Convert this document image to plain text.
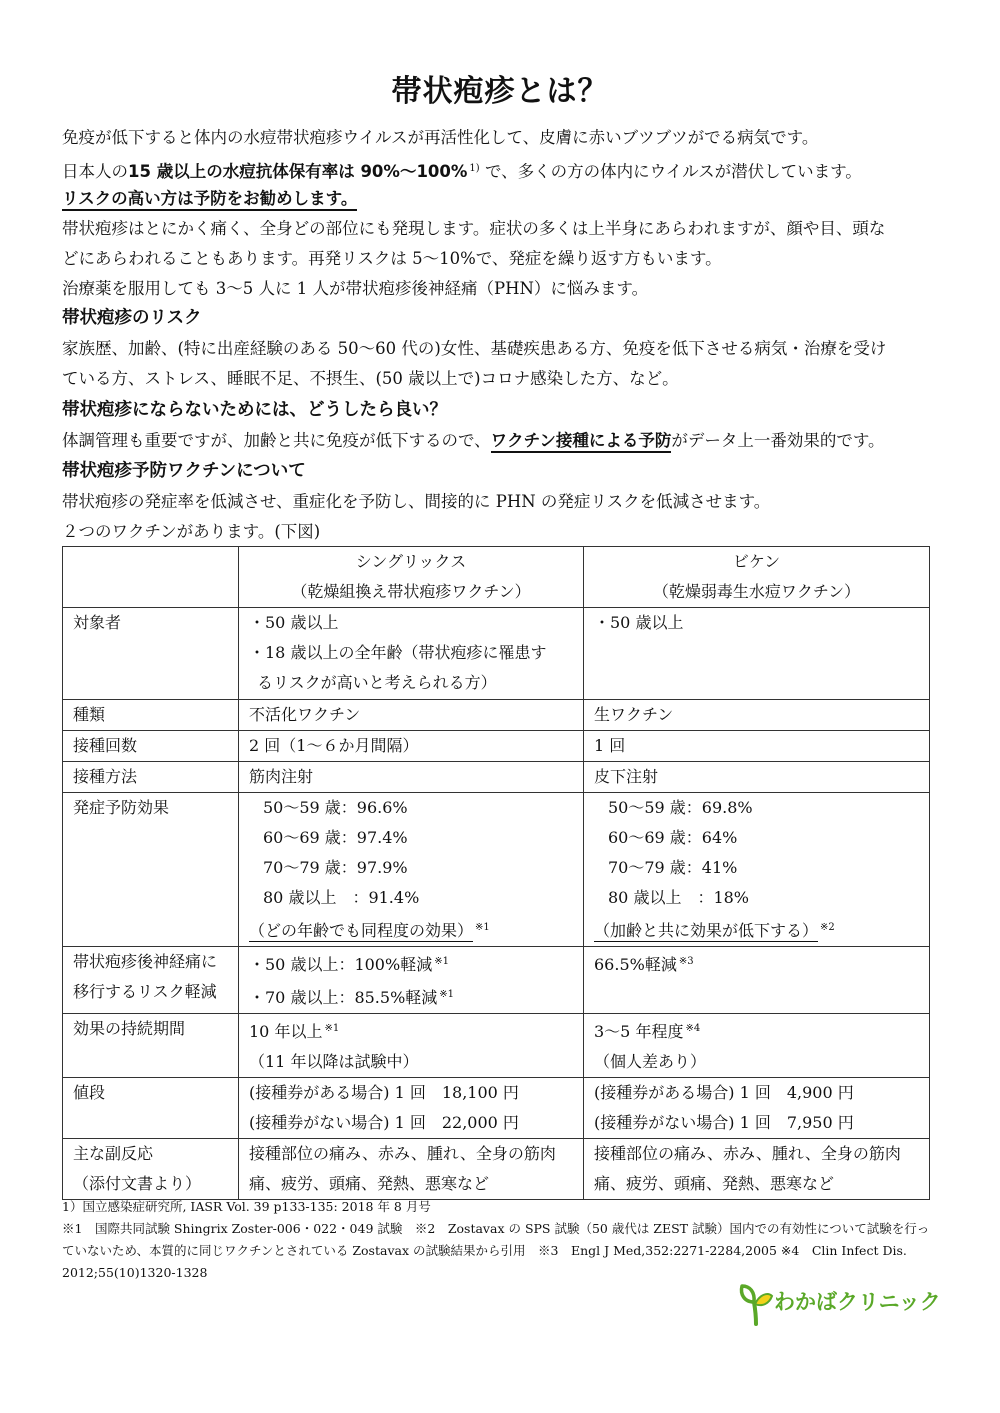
帯状疱疹とは？

免疫が低下すると体内の水痘帯状疱疹ウイルスが再活性化して、皮膚に赤いブツブツがでる病気です。

日本人の15 歳以上の水痘抗体保有率は 90%～100% $^{1)}$ で、多くの方の体内にウイルスが潜伏しています。

リスクの高い方は予防をお勧めします。

帯状疱疹はとにかく痛く、全身どの部位にも発現します。症状の多くは上半身にあらわれますが、顔や目、頭な

どにあらわれることもあります。再発リスクは 5～10%で、発症を繰り返す方もいます。

治療薬を服用しても 3～5 人に 1 人が帯状疱疹後神経痛（PHN）に悩みます。

帯状疱疹のリスク

家族歴、加齢、(特に出産経験のある 50～60 代の)女性、基礎疾患ある方、免疫を低下させる病気・治療を受け

ている方、ストレス、睡眠不足、不摂生、(50 歳以上で)コロナ感染した方、など。

帯状疱疹にならないためには、どうしたら良い？

体調管理も重要ですが、加齢と共に免疫が低下するので、ワクチン接種による予防がデータ上一番効果的です。

帯状疱疹予防ワクチンについて

帯状疱疹の発症率を低減させ、重症化を予防し、間接的に PHN の発症リスクを低減させます。

２つのワクチンがあります。(下図)

	シングリックス
（乾燥組換え帯状疱疹ワクチン）	ビケン
（乾燥弱毒生水痘ワクチン）

対象者	・50 歳以上
・18 歳以上の全年齢（帯状疱疹に罹患す
るリスクが高いと考えられる方）	・50 歳以上

種類	不活化ワクチン	生ワクチン
接種回数	2 回（1～６か月間隔）	1 回
接種方法	筋肉注射	皮下注射
発症予防効果	50～59 歳：96.6%
60～69 歳：97.4%
70～79 歳：97.9%
80 歳以上　：91.4%
（どの年齢でも同程度の効果） $^{※1}$	50～59 歳：69.8%
60～69 歳：64%
70～79 歳：41%
80 歳以上　：18%
（加齢と共に効果が低下する） $^{※2}$

帯状疱疹後神経痛に
移行するリスク軽減	・50 歳以上：100%軽減 $^{※1}$
・70 歳以上：85.5%軽減 $^{※1}$	66.5%軽減 $^{※3}$

効果の持続期間	10 年以上 $^{※1}$
（11 年以降は試験中）	3～5 年程度 $^{※4}$
（個人差あり）

値段	(接種券がある場合) 1 回　18,100 円
(接種券がない場合) 1 回　22,000 円	(接種券がある場合) 1 回　4,900 円
(接種券がない場合) 1 回　7,950 円

主な副反応
（添付文書より）	接種部位の痛み、赤み、腫れ、全身の筋肉
痛、疲労、頭痛、発熱、悪寒など	接種部位の痛み、赤み、腫れ、全身の筋肉
痛、疲労、頭痛、発熱、悪寒など

1）国立感染症研究所, IASR Vol. 39 p133-135: 2018 年 8 月号

※1　国際共同試験 Shingrix Zoster-006・022・049 試験　※2　Zostavax の SPS 試験（50 歳代は ZEST 試験）国内での有効性について試験を行っ

ていないため、本質的に同じワクチンとされている Zostavax の試験結果から引用　※3　Engl J Med,352:2271-2284,2005 ※4　Clin Infect Dis.

2012;55(10)1320-1328

わかばクリニック
